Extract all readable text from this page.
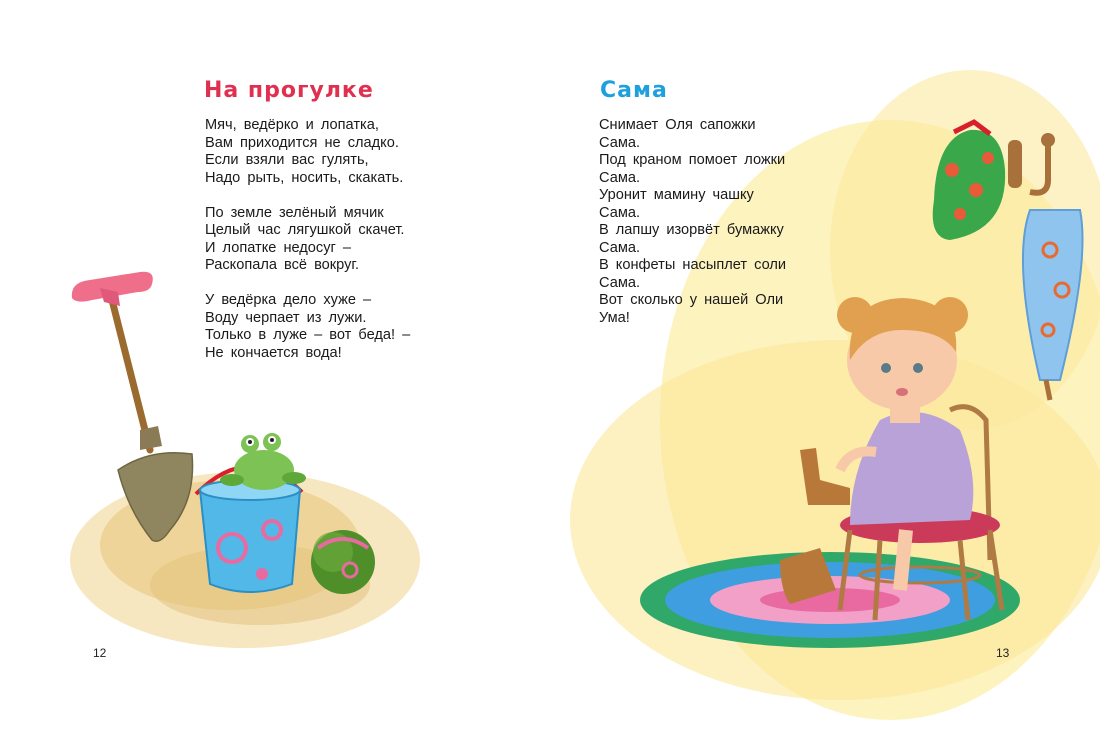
На прогулке
Мяч, ведёрко и лопатка,
Вам приходится не сладко.
Если взяли вас гулять,
Надо рыть, носить, скакать.
По земле зелёный мячик
Целый час лягушкой скачет.
И лопатке недосуг –
Раскопала всё вокруг.
У ведёрка дело хуже –
Воду черпает из лужи.
Только в луже – вот беда! –
Не кончается вода!

12

Сама
Снимает Оля сапожки
Сама.
Под краном помоет ложки
Сама.
Уронит мамину чашку
Сама.
В лапшу изорвёт бумажку
Сама.
В конфеты насыплет соли
Сама.
Вот сколько у нашей Оли
Ума!

13
